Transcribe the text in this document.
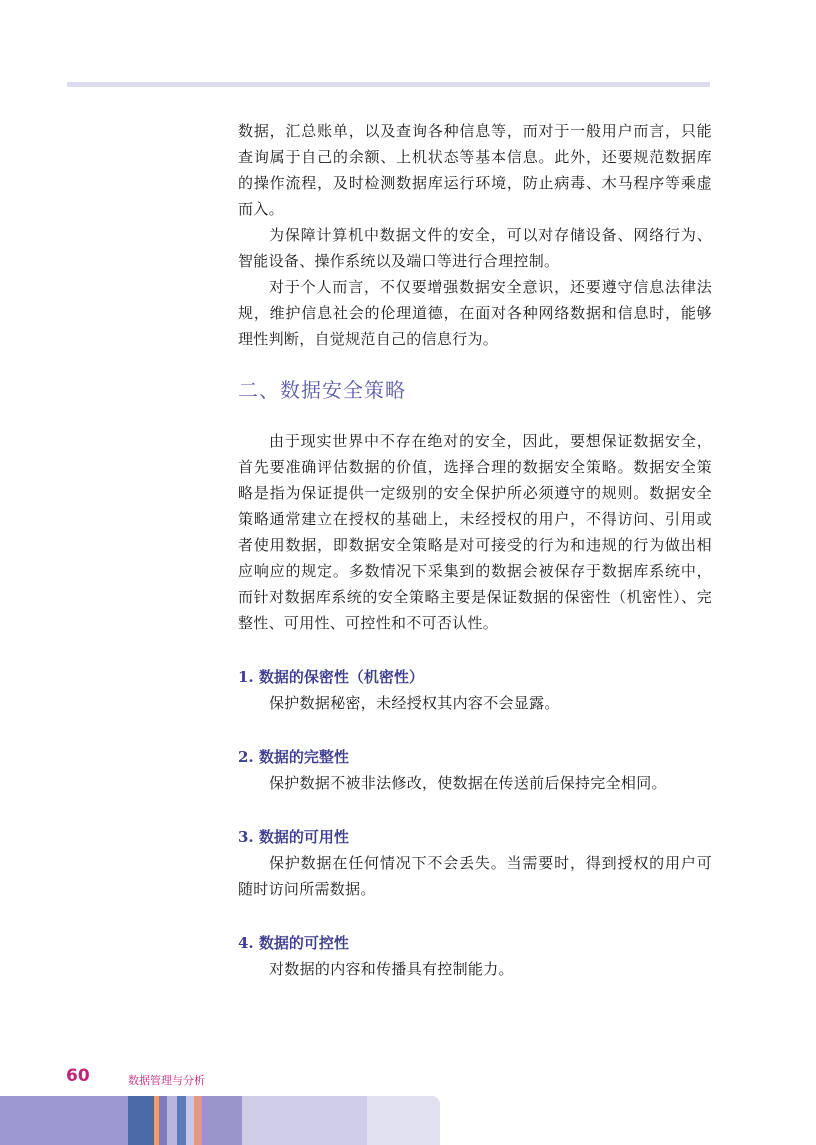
数据，汇总账单，以及查询各种信息等，而对于一般用户而言，只能查询属于自己的余额、上机状态等基本信息。此外，还要规范数据库的操作流程，及时检测数据库运行环境，防止病毒、木马程序等乘虚而入。

为保障计算机中数据文件的安全，可以对存储设备、网络行为、智能设备、操作系统以及端口等进行合理控制。

对于个人而言，不仅要增强数据安全意识，还要遵守信息法律法规，维护信息社会的伦理道德，在面对各种网络数据和信息时，能够理性判断，自觉规范自己的信息行为。

二、数据安全策略

由于现实世界中不存在绝对的安全，因此，要想保证数据安全，首先要准确评估数据的价值，选择合理的数据安全策略。数据安全策略是指为保证提供一定级别的安全保护所必须遵守的规则。数据安全策略通常建立在授权的基础上，未经授权的用户，不得访问、引用或者使用数据，即数据安全策略是对可接受的行为和违规的行为做出相应响应的规定。多数情况下采集到的数据会被保存于数据库系统中，而针对数据库系统的安全策略主要是保证数据的保密性（机密性）、完整性、可用性、可控性和不可否认性。

1. 数据的保密性（机密性）

保护数据秘密，未经授权其内容不会显露。

2. 数据的完整性

保护数据不被非法修改，使数据在传送前后保持完全相同。

3. 数据的可用性

保护数据在任何情况下不会丢失。当需要时，得到授权的用户可随时访问所需数据。

4. 数据的可控性

对数据的内容和传播具有控制能力。

60	数据管理与分析
